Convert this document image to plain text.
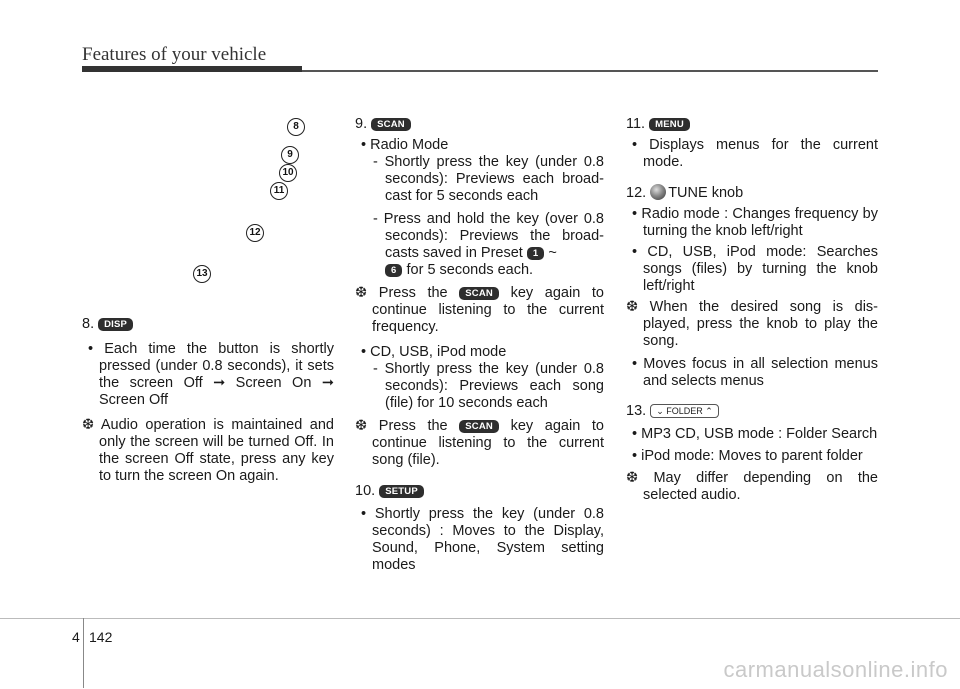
Features of your vehicle
8
9
10
11
12
13

8. DISP

• Each time the button is shortly pressed (under 0.8 seconds), it sets the screen Off ➞ Screen On ➞ Screen Off

❆ Audio operation is maintained and only the screen will be turned Off. In the screen Off state, press any key to turn the screen On again.

9. SCAN

• Radio Mode

- Shortly press the key (under 0.8 seconds): Previews each broad-cast for 5 seconds each

- Press and hold the key (over 0.8 seconds): Previews the broad-casts saved in Preset 1 ~
6 for 5 seconds each.

❆ Press the SCAN key again to continue listening to the current frequency.

• CD, USB, iPod mode

- Shortly press the key (under 0.8 seconds): Previews each song (file) for 10 seconds each

❆ Press the SCAN key again to continue listening to the current song (file).

10. SETUP

• Shortly press the key (under 0.8 seconds) : Moves to the Display, Sound, Phone, System setting modes

11. MENU

• Displays menus for the current mode.

12. TUNE knob

• Radio mode : Changes frequency by turning the knob left/right

• CD, USB, iPod mode: Searches songs (files) by turning the knob left/right

❆ When the desired song is dis-played, press the knob to play the song.

• Moves focus in all selection menus and selects menus

13. ⌄ FOLDER ⌃

• MP3 CD, USB mode : Folder Search

• iPod mode: Moves to parent folder

❆ May differ depending on the selected audio.

4 142
carmanualsonline.info
